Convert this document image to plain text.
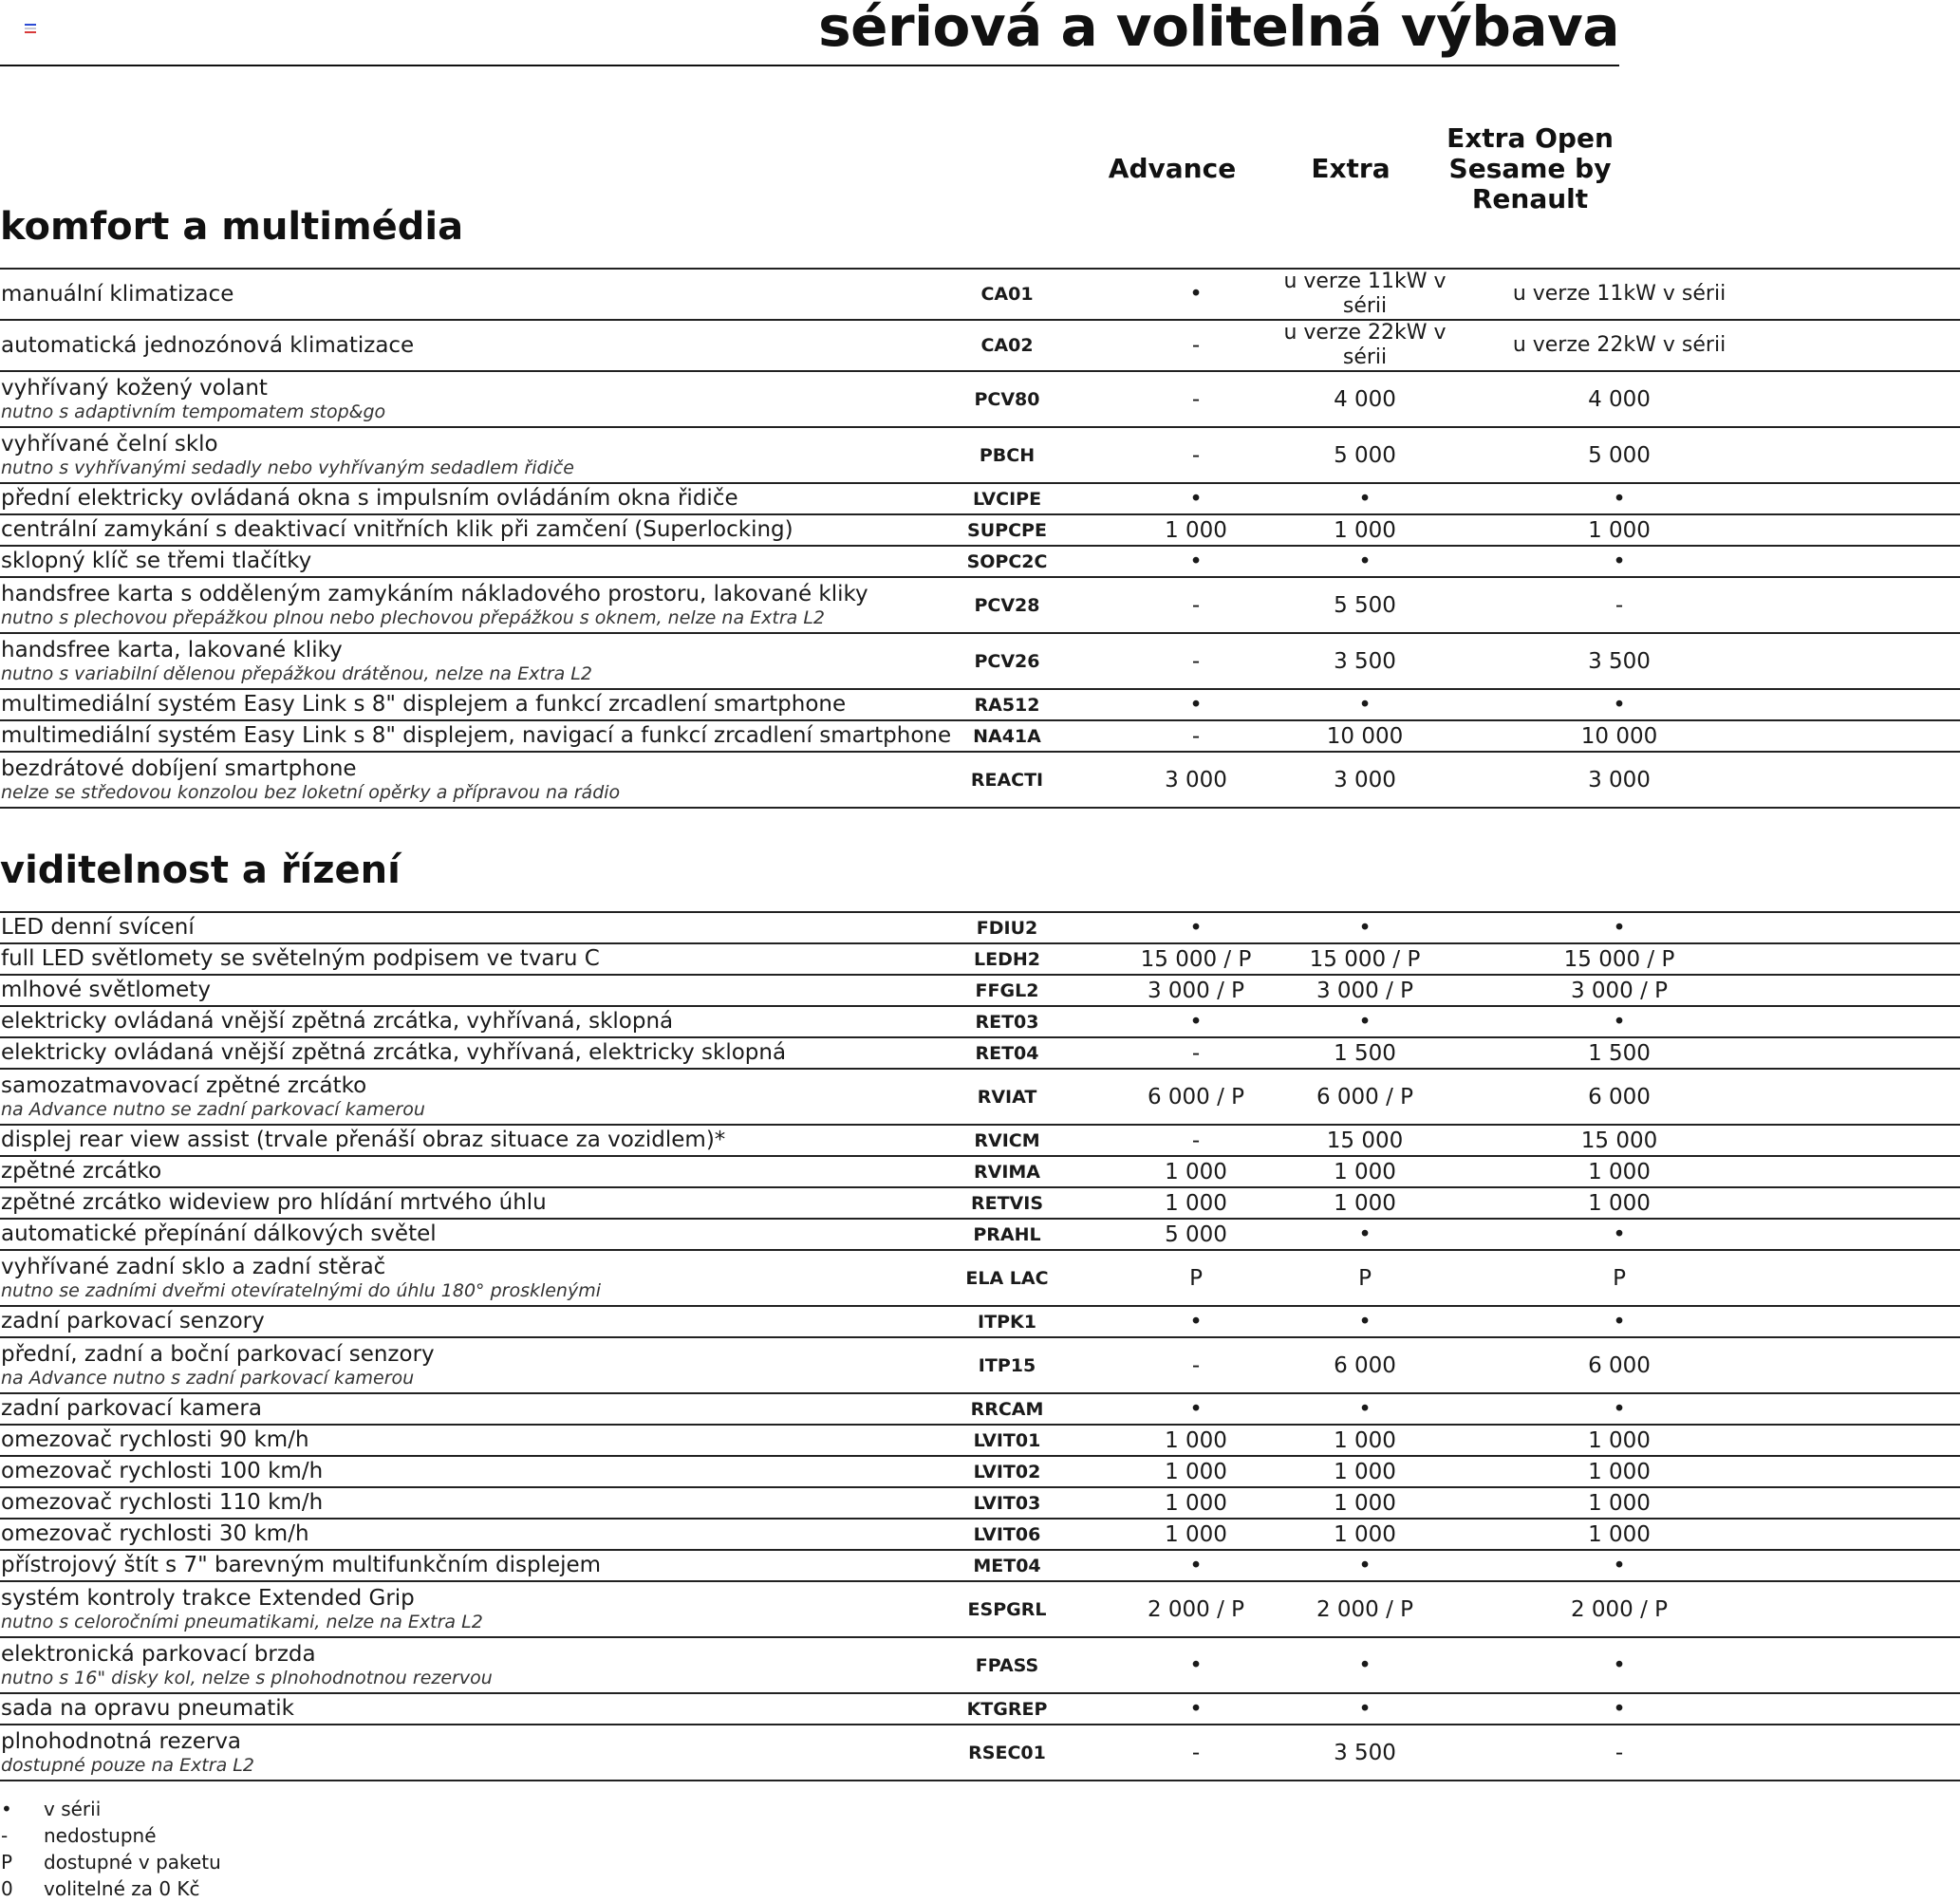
sériová a volitelná výbava
Advance	Extra
Extra Open Sesame by Renault
komfort a multimédia
manuální klimatizace	CA01	•	u verze 11kW v sérii	u verze 11kW v sérii

automatická jednozónová klimatizace	CA02	-	u verze 22kW v sérii	u verze 22kW v sérii

vyhřívaný kožený volant
nutno s adaptivním tempomatem stop&go	PCV80	-	4 000	4 000

vyhřívané čelní sklo
nutno s vyhřívanými sedadly nebo vyhřívaným sedadlem řidiče	PBCH	-	5 000	5 000

přední elektricky ovládaná okna s impulsním ovládáním okna řidiče	LVCIPE	•	•	•

centrální zamykání s deaktivací vnitřních klik při zamčení (Superlocking)	SUPCPE	1 000	1 000	1 000

sklopný klíč se třemi tlačítky	SOPC2C	•	•	•

handsfree karta s odděleným zamykáním nákladového prostoru, lakované kliky
nutno s plechovou přepážkou plnou nebo plechovou přepážkou s oknem, nelze na Extra L2	PCV28	-	5 500	-

handsfree karta, lakované kliky
nutno s variabilní dělenou přepážkou drátěnou, nelze na Extra L2	PCV26	-	3 500	3 500

multimediální systém Easy Link s 8" displejem a funkcí zrcadlení smartphone	RA512	•	•	•

multimediální systém Easy Link s 8" displejem, navigací a funkcí zrcadlení smartphone	NA41A	-	10 000	10 000

bezdrátové dobíjení smartphone
nelze se středovou konzolou bez loketní opěrky a přípravou na rádio	REACTI	3 000	3 000	3 000
viditelnost a řízení
LED denní svícení	FDIU2	•	•	•

full LED světlomety se světelným podpisem ve tvaru C	LEDH2	15 000 / P	15 000 / P	15 000 / P

mlhové světlomety	FFGL2	3 000 / P	3 000 / P	3 000 / P

elektricky ovládaná vnější zpětná zrcátka, vyhřívaná, sklopná	RET03	•	•	•

elektricky ovládaná vnější zpětná zrcátka, vyhřívaná, elektricky sklopná	RET04	-	1 500	1 500

samozatmavovací zpětné zrcátko
na Advance nutno se zadní parkovací kamerou	RVIAT	6 000 / P	6 000 / P	6 000

displej rear view assist (trvale přenáší obraz situace za vozidlem)*	RVICM	-	15 000	15 000

zpětné zrcátko	RVIMA	1 000	1 000	1 000

zpětné zrcátko wideview pro hlídání mrtvého úhlu	RETVIS	1 000	1 000	1 000

automatické přepínání dálkových světel	PRAHL	5 000	•	•

vyhřívané zadní sklo a zadní stěrač
nutno se zadními dveřmi otevíratelnými do úhlu 180° prosklenými	ELA LAC	P	P	P

zadní parkovací senzory	ITPK1	•	•	•

přední, zadní a boční parkovací senzory
na Advance nutno s zadní parkovací kamerou	ITP15	-	6 000	6 000

zadní parkovací kamera	RRCAM	•	•	•

omezovač rychlosti 90 km/h	LVIT01	1 000	1 000	1 000

omezovač rychlosti 100 km/h	LVIT02	1 000	1 000	1 000

omezovač rychlosti 110 km/h	LVIT03	1 000	1 000	1 000

omezovač rychlosti 30 km/h	LVIT06	1 000	1 000	1 000

přístrojový štít s 7" barevným multifunkčním displejem	MET04	•	•	•

systém kontroly trakce Extended Grip
nutno s celoročními pneumatikami, nelze na Extra L2	ESPGRL	2 000 / P	2 000 / P	2 000 / P

elektronická parkovací brzda
nutno s 16" disky kol, nelze s plnohodnotnou rezervou	FPASS	•	•	•

sada na opravu pneumatik	KTGREP	•	•	•

plnohodnotná rezerva
dostupné pouze na Extra L2	RSEC01	-	3 500	-
•	v sérii
-	nedostupné
P	dostupné v paketu
0	volitelné za 0 Kč
